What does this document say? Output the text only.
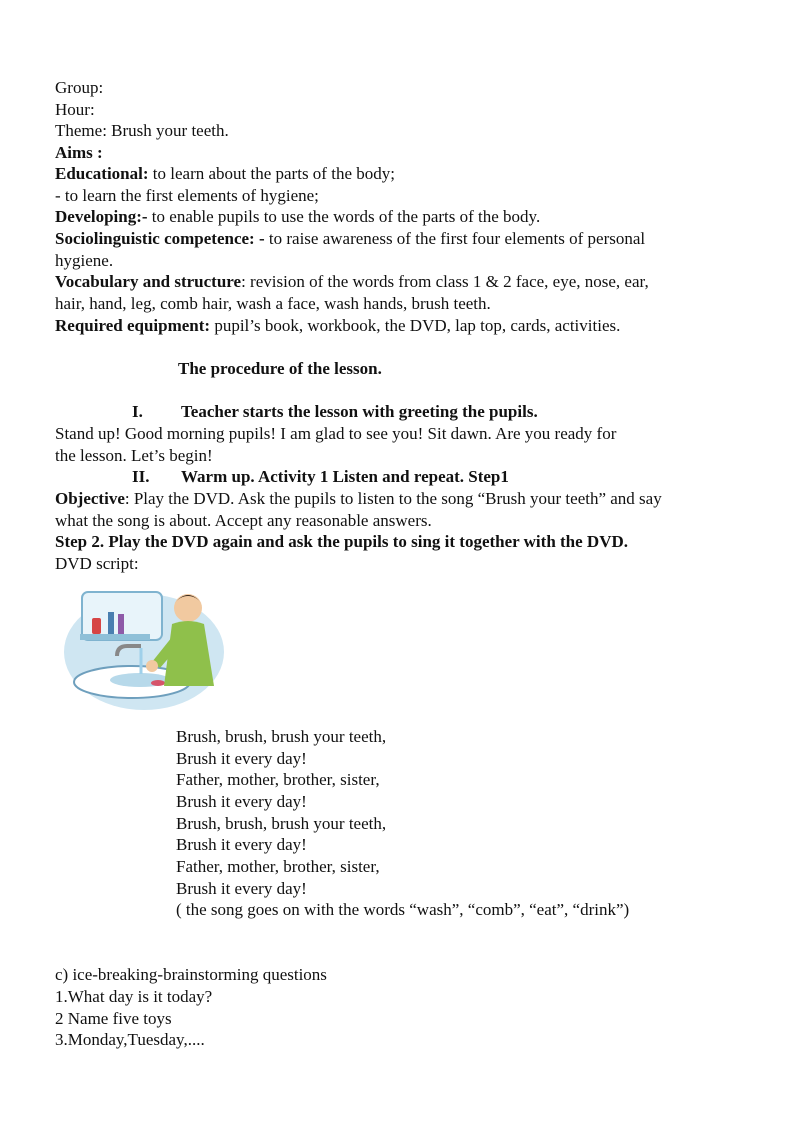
Group:
Hour:
Theme: Brush your teeth.
Aims :
Educational: to learn about the parts of the body;
- to learn the first elements of hygiene;
Developing:- to enable pupils to use the words of the parts of the body.
Sociolinguistic competence: - to raise awareness of the first four elements of personal
hygiene.
Vocabulary and structure: revision of the words from class 1 & 2 face, eye, nose, ear,
hair, hand, leg, comb hair, wash a face, wash hands, brush teeth.
Required equipment: pupil’s book, workbook, the DVD, lap top, cards, activities.
The procedure of the lesson.
I. Teacher starts the lesson with greeting the pupils.
Stand up! Good morning pupils! I am glad to see you! Sit dawn. Are you ready for
the lesson. Let’s begin!
II. Warm up. Activity 1 Listen and repeat. Step1
Objective: Play the DVD. Ask the pupils to listen to the song “Brush your teeth” and say
what the song is about. Accept any reasonable answers.
Step 2. Play the DVD again and ask the pupils to sing it together with the DVD.
DVD script:
Brush, brush, brush your teeth,
Brush it every day!
Father, mother, brother, sister,
Brush it every day!
Brush, brush, brush your teeth,
Brush it every day!
Father, mother, brother, sister,
Brush it every day!
( the song goes on with the words “wash”, “comb”, “eat”, “drink”)
c) ice-breaking-brainstorming questions
1.What day is it today?
2 Name five toys
3.Monday,Tuesday,....
